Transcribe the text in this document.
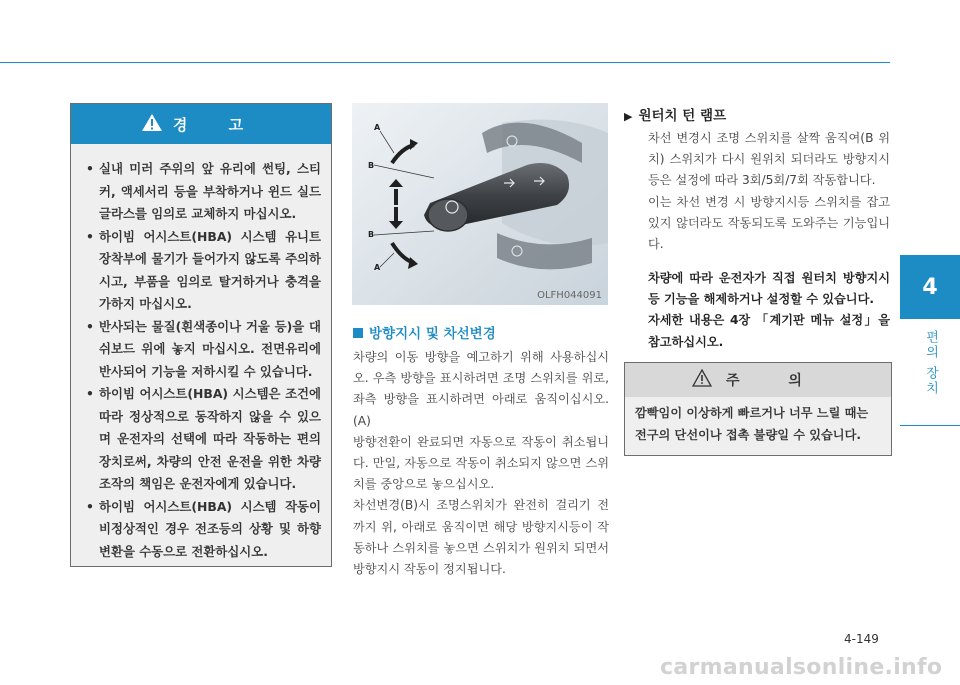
4
편의 장치
경 고
• 실내 미러 주위의 앞 유리에 썬팅, 스티커, 액세서리 등을 부착하거나 윈드 실드 글라스를 임의로 교체하지 마십시오.
• 하이빔 어시스트(HBA) 시스템 유니트 장착부에 물기가 들어가지 않도록 주의하시고, 부품을 임의로 탈거하거나 충격을 가하지 마십시오.
• 반사되는 물질(흰색종이나 거울 등)을 대쉬보드 위에 놓지 마십시오. 전면유리에 반사되어 기능을 저하시킬 수 있습니다.
• 하이빔 어시스트(HBA) 시스템은 조건에 따라 정상적으로 동작하지 않을 수 있으며 운전자의 선택에 따라 작동하는 편의 장치로써, 차량의 안전 운전을 위한 차량 조작의 책임은 운전자에게 있습니다.
• 하이빔 어시스트(HBA) 시스템 작동이 비정상적인 경우 전조등의 상황 및 하향 변환을 수동으로 전환하십시오.
A
B
B
A
OLFH044091
방향지시 및 차선변경

차량의 이동 방향을 예고하기 위해 사용하십시오. 우측 방향을 표시하려면 조명 스위치를 위로, 좌측 방향을 표시하려면 아래로 움직이십시오.(A)

방향전환이 완료되면 자동으로 작동이 취소됩니다. 만일, 자동으로 작동이 취소되지 않으면 스위치를 중앙으로 놓으십시오.

차선변경(B)시 조명스위치가 완전히 걸리기 전까지 위, 아래로 움직이면 해당 방향지시등이 작동하나 스위치를 놓으면 스위치가 원위치 되면서 방향지시 작동이 정지됩니다.

▶ 원터치 턴 램프

차선 변경시 조명 스위치를 살짝 움직여(B 위치) 스위치가 다시 원위치 되더라도 방향지시등은 설정에 따라 3회/5회/7회 작동합니다.

이는 차선 변경 시 방향지시등 스위치를 잡고 있지 않더라도 작동되도록 도와주는 기능입니다.

차량에 따라 운전자가 직접 원터치 방향지시등 기능을 해제하거나 설정할 수 있습니다.

자세한 내용은 4장 「계기판 메뉴 설정」을 참고하십시오.

주 의
깜빡임이 이상하게 빠르거나 너무 느릴 때는 전구의 단선이나 접촉 불량일 수 있습니다.
4-149
carmanualsonline.info
